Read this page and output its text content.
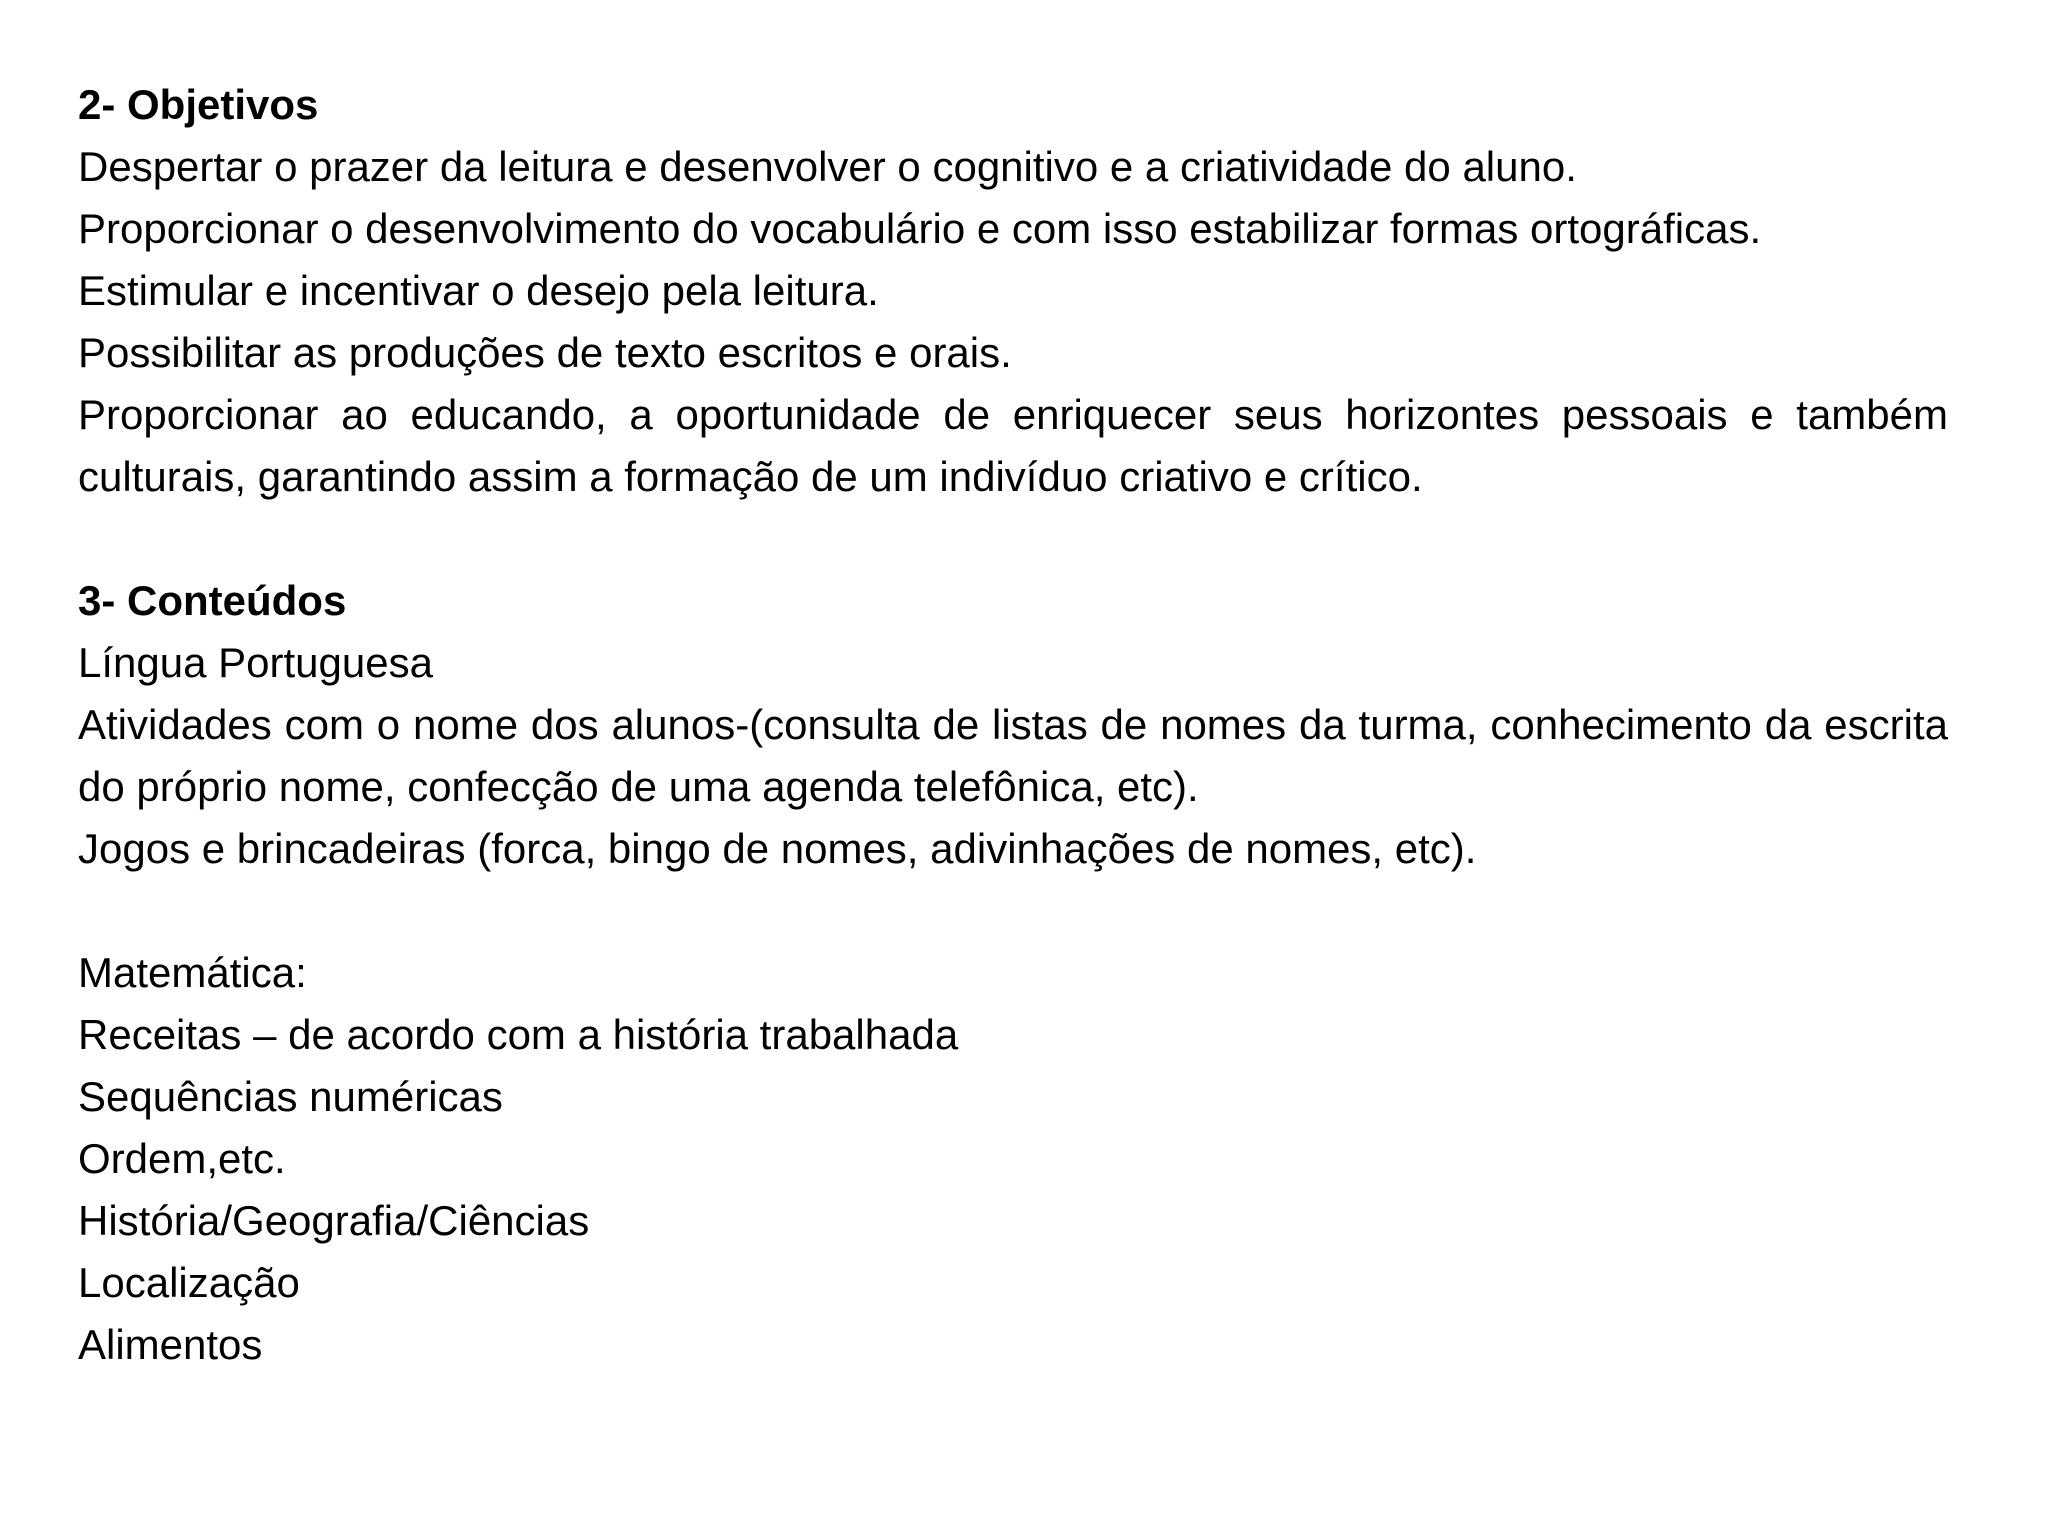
2- Objetivos
Despertar o prazer da leitura e desenvolver o cognitivo e a criatividade do aluno.
Proporcionar o desenvolvimento do vocabulário e com isso estabilizar formas ortográficas.
Estimular e incentivar o desejo pela leitura.
Possibilitar as produções de texto escritos e orais.
Proporcionar ao educando, a oportunidade de enriquecer seus horizontes pessoais e também culturais, garantindo assim a formação de um indivíduo criativo e crítico.
3- Conteúdos
Língua Portuguesa
Atividades com o nome dos alunos-(consulta de listas de nomes da turma, conhecimento da escrita do próprio nome, confecção de uma agenda telefônica, etc).
Jogos e brincadeiras (forca, bingo de nomes, adivinhações de nomes, etc).
Matemática:
Receitas – de acordo com a história trabalhada
Sequências numéricas
Ordem,etc.
História/Geografia/Ciências
Localização
Alimentos
